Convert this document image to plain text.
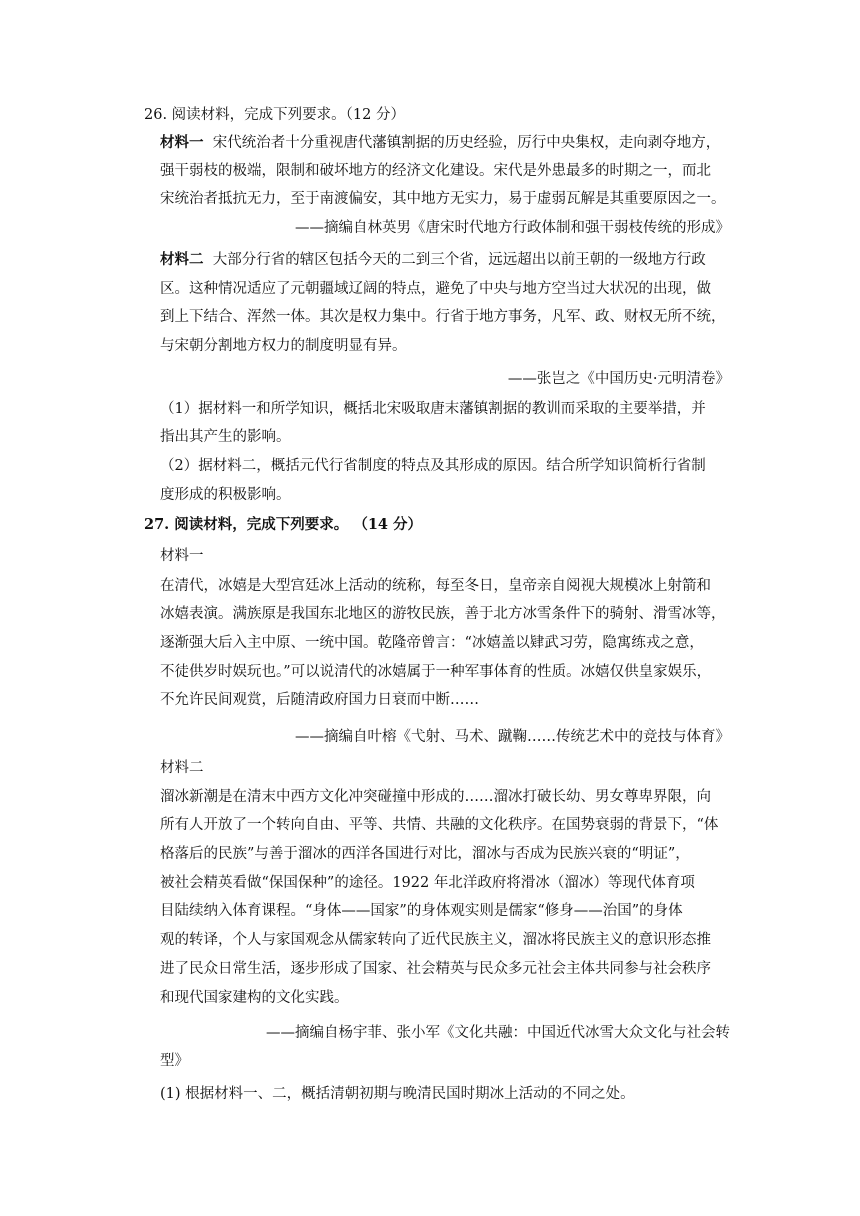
26. 阅读材料，完成下列要求。（12 分）
材料一 宋代统治者十分重视唐代藩镇割据的历史经验，厉行中央集权，走向剥夺地方，
强干弱枝的极端，限制和破坏地方的经济文化建设。宋代是外患最多的时期之一，而北
宋统治者抵抗无力，至于南渡偏安，其中地方无实力，易于虚弱瓦解是其重要原因之一。
——摘编自林英男《唐宋时代地方行政体制和强干弱枝传统的形成》
材料二 大部分行省的辖区包括今天的二到三个省，远远超出以前王朝的一级地方行政
区。这种情况适应了元朝疆域辽阔的特点，避免了中央与地方空当过大状况的出现，做
到上下结合、浑然一体。其次是权力集中。行省于地方事务，凡军、政、财权无所不统，
与宋朝分割地方权力的制度明显有异。
——张岂之《中国历史·元明清卷》
（1）据材料一和所学知识，概括北宋吸取唐末藩镇割据的教训而采取的主要举措，并
指出其产生的影响。
（2）据材料二，概括元代行省制度的特点及其形成的原因。结合所学知识简析行省制
度形成的积极影响。
27. 阅读材料，完成下列要求。 （14 分）
材料一
在清代，冰嬉是大型宫廷冰上活动的统称，每至冬日，皇帝亲自阅视大规模冰上射箭和
冰嬉表演。满族原是我国东北地区的游牧民族，善于北方冰雪条件下的骑射、滑雪冰等，
逐渐强大后入主中原、一统中国。乾隆帝曾言：“冰嬉盖以肄武习劳，隐寓练戎之意，
不徒供岁时娱玩也。”可以说清代的冰嬉属于一种军事体育的性质。冰嬉仅供皇家娱乐，
不允许民间观赏，后随清政府国力日衰而中断……
——摘编自叶榕《弋射、马术、蹴鞠……传统艺术中的竞技与体育》
材料二
溜冰新潮是在清末中西方文化冲突碰撞中形成的……溜冰打破长幼、男女尊卑界限，向
所有人开放了一个转向自由、平等、共情、共融的文化秩序。在国势衰弱的背景下，“体
格落后的民族”与善于溜冰的西洋各国进行对比，溜冰与否成为民族兴衰的“明证”，
被社会精英看做“保国保种”的途径。1922 年北洋政府将滑冰（溜冰）等现代体育项
目陆续纳入体育课程。“身体——国家”的身体观实则是儒家“修身——治国”的身体
观的转译，个人与家国观念从儒家转向了近代民族主义，溜冰将民族主义的意识形态推
进了民众日常生活，逐步形成了国家、社会精英与民众多元社会主体共同参与社会秩序
和现代国家建构的文化实践。
——摘编自杨宇菲、张小军《文化共融：中国近代冰雪大众文化与社会转
型》
(1) 根据材料一、二，概括清朝初期与晚清民国时期冰上活动的不同之处。
